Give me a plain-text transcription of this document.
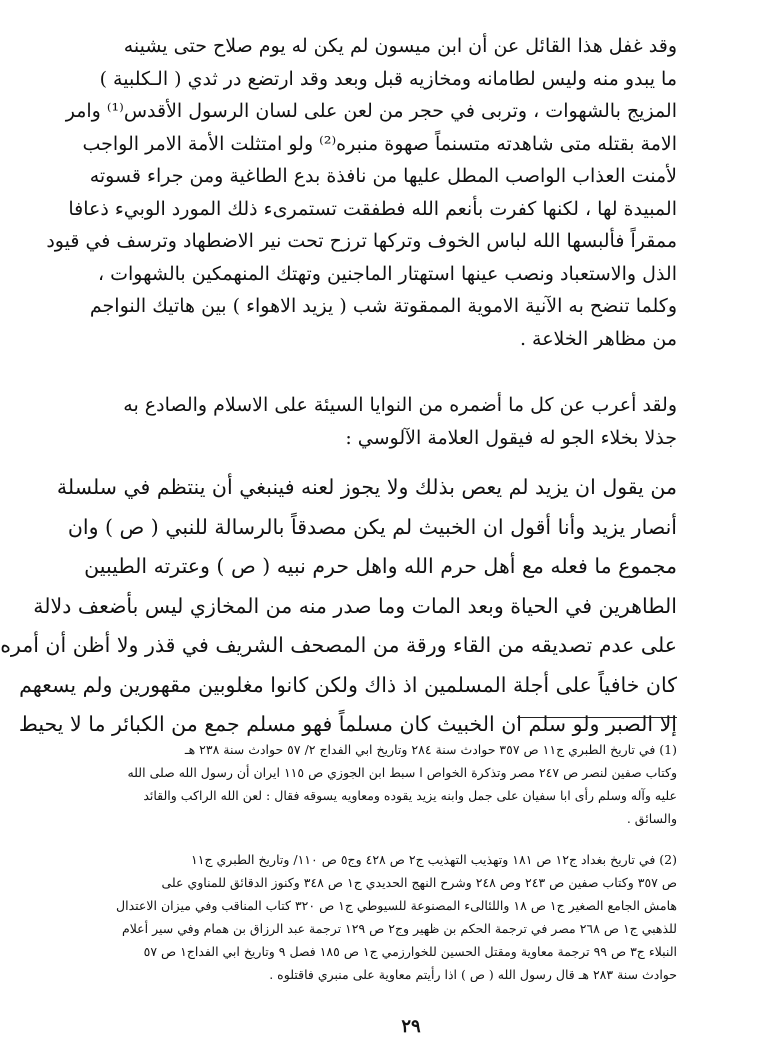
وقد غفل هذا القائل عن أن ابن ميسون لم يكن له يوم صلاح حتى يشينه
ما يبدو منه وليس لطامانه ومخازيه قبل وبعد وقد ارتضع در ثدي ( الـكلبية )
المزيج بالشهوات ، وتربى في حجر من لعن على لسان الرسول الأقدس⁽¹⁾ وامر
الامة بقتله متى شاهدته متسنماً صهوة منبره⁽²⁾ ولو امتثلت الأمة الامر الواجب
لأمنت العذاب الواصب المطل عليها من نافذة بدع الطاغية ومن جراء قسوته
المبيدة لها ، لكنها كفرت بأنعم الله فطفقت تستمرىء ذلك المورد الوبيء ذعافا
ممقراً فألبسها الله لباس الخوف وتركها ترزح تحت نير الاضطهاد وترسف في قيود
الذل والاستعباد ونصب عينها استهتار الماجنين وتهتك المنهمكين بالشهوات ،
وكلما تنضح به الآنية الاموية الممقوتة شب ( يزيد الاهواء ) بين هاتيك النواجم
من مظاهر الخلاعة .

ولقد أعرب عن كل ما أضمره من النوايا السيئة على الاسلام والصادع به
جذلا بخلاء الجو له فيقول العلامة الآلوسي :

من يقول ان يزيد لم يعص بذلك ولا يجوز لعنه فينبغي أن ينتظم في سلسلة
أنصار يزيد وأنا أقول ان الخبيث لم يكن مصدقاً بالرسالة للنبي ( ص ) وان
مجموع ما فعله مع أهل حرم الله واهل حرم نبيه ( ص ) وعترته الطيبين
الطاهرين في الحياة وبعد المات وما صدر منه من المخازي ليس بأضعف دلالة
على عدم تصديقه من القاء ورقة من المصحف الشريف في قذر ولا أظن أن أمره
كان خافياً على أجلة المسلمين اذ ذاك ولكن كانوا مغلوبين مقهورين ولم يسعهم
إلا الصبر ولو سلم ان الخبيث كان مسلماً فهو مسلم جمع من الكبائر ما لا يحيط

(1) في تاريخ الطبري ج١١ ص ٣٥٧ حوادث سنة ٢٨٤ وتاريخ ابي الفداج ٢/ ٥٧ حوادث سنة ٢٣٨ هـ
وكتاب صفين لنصر ص ٢٤٧ مصر وتذكرة الخواص ا سبط ابن الجوزي ص ١١٥ ايران أن رسول الله صلى الله
عليه وآله وسلم رأى ابا سفيان على جمل وابنه يزيد يقوده ومعاويه يسوقه فقال : لعن الله الراكب والقائد
والسائق .

(2) في تاريخ بغداد ج١٢ ص ١٨١ وتهذيب التهذيب ج٢ ص ٤٢٨ وج٥ ص ١١٠/ وتاريخ الطبري ج١١
ص ٣٥٧ وكتاب صفين ص ٢٤٣ وص ٢٤٨ وشرح النهج الحديدي ج١ ص ٣٤٨ وكنوز الدقائق للمناوي على
هامش الجامع الصغير ج١ ص ١٨ واللئالىء المصنوعة للسيوطي ج١ ص ٣٢٠ كتاب المناقب وفي ميزان الاعتدال
للذهبي ج١ ص ٢٦٨ مصر في ترجمة الحكم بن ظهير وج٢ ص ١٢٩ ترجمة عبد الرزاق بن همام وفي سير أعلام
النبلاء ج٣ ص ٩٩ ترجمة معاوية ومقتل الحسين للخوارزمي ج١ ص ١٨٥ فصل ٩ وتاريخ ابي الفداج١ ص ٥٧
حوادث سنة ٢٨٣ هـ قال رسول الله ( ص ) اذا رأيتم معاوية على منبري فاقتلوه .

٢٩
